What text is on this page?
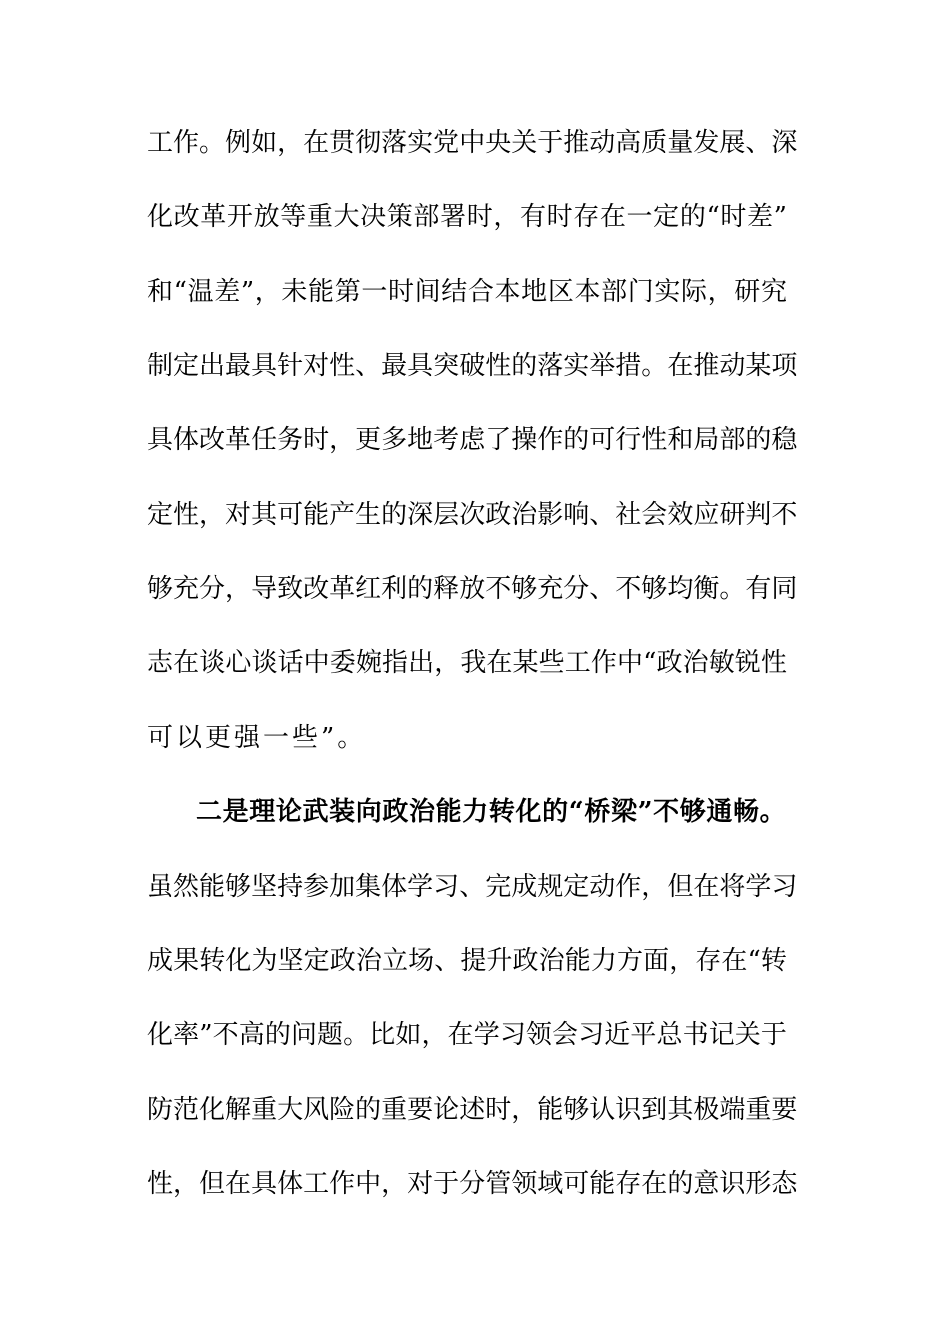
工 作 。 例 如 ， 在 贯 彻 落 实 党 中 央 关 于 推 动 高 质 量 发 展 、 深
化 改 革 开 放 等 重 大 决 策 部 署 时 ， 有 时 存 在 一 定 的 “ 时 差 ”
和 “ 温 差 ” ， 未 能 第 一 时 间 结 合 本 地 区 本 部 门 实 际 ， 研 究
制 定 出 最 具 针 对 性 、 最 具 突 破 性 的 落 实 举 措 。 在 推 动 某 项
具 体 改 革 任 务 时 ， 更 多 地 考 虑 了 操 作 的 可 行 性 和 局 部 的 稳
定 性 ， 对 其 可 能 产 生 的 深 层 次 政 治 影 响 、 社 会 效 应 研 判 不
够 充 分 ， 导 致 改 革 红 利 的 释 放 不 够 充 分 、 不 够 均 衡 。 有 同
志 在 谈 心 谈 话 中 委 婉 指 出 ， 我 在 某 些 工 作 中 “ 政 治 敏 锐 性
可以更强一些”。
二 是 理 论 武 装 向 政 治 能 力 转 化 的 “ 桥 梁 ” 不 够 通 畅 。
虽 然 能 够 坚 持 参 加 集 体 学 习 、 完 成 规 定 动 作 ， 但 在 将 学 习
成 果 转 化 为 坚 定 政 治 立 场 、 提 升 政 治 能 力 方 面 ， 存 在 “ 转
化 率 ” 不 高 的 问 题 。 比 如 ， 在 学 习 领 会 习 近 平 总 书 记 关 于
防 范 化 解 重 大 风 险 的 重 要 论 述 时 ， 能 够 认 识 到 其 极 端 重 要
性 ， 但 在 具 体 工 作 中 ， 对 于 分 管 领 域 可 能 存 在 的 意 识 形 态
